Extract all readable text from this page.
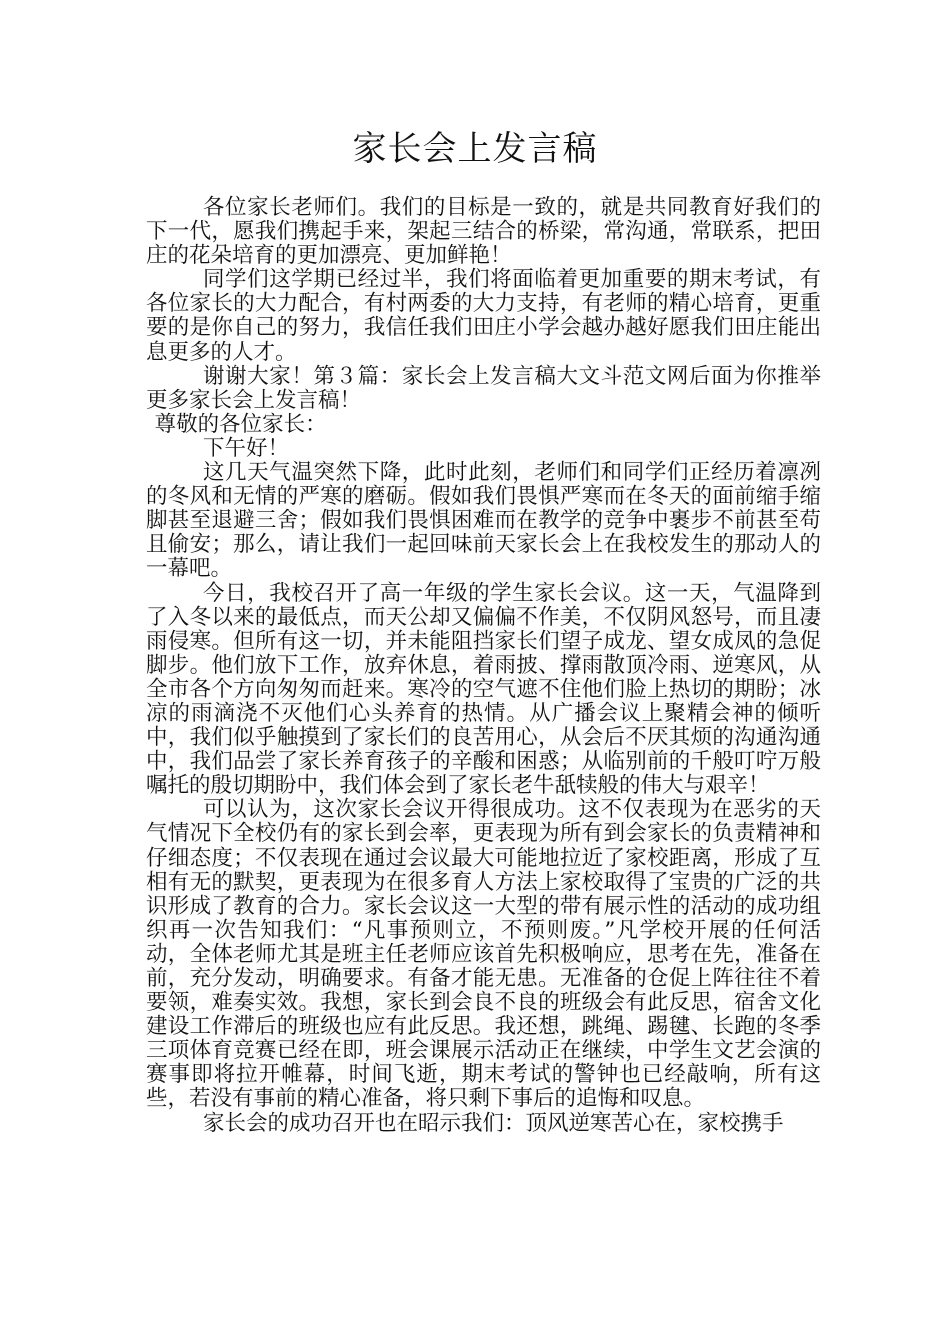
家长会上发言稿

各位家长老师们。我们的目标是一致的，就是共同教育好我们的下一代，愿我们携起手来，架起三结合的桥梁，常沟通，常联系，把田庄的花朵培育的更加漂亮、更加鲜艳！

同学们这学期已经过半，我们将面临着更加重要的期末考试，有各位家长的大力配合，有村两委的大力支持，有老师的精心培育，更重要的是你自己的努力，我信任我们田庄小学会越办越好愿我们田庄能出息更多的人才。

谢谢大家！第３篇：家长会上发言稿大文斗范文网后面为你推举更多家长会上发言稿！

尊敬的各位家长：

下午好！

这几天气温突然下降，此时此刻，老师们和同学们正经历着凛冽的冬风和无情的严寒的磨砺。假如我们畏惧严寒而在冬天的面前缩手缩脚甚至退避三舍；假如我们畏惧困难而在教学的竞争中裹步不前甚至苟且偷安；那么，请让我们一起回味前天家长会上在我校发生的那动人的一幕吧。

今日，我校召开了高一年级的学生家长会议。这一天，气温降到了入冬以来的最低点，而天公却又偏偏不作美，不仅阴风怒号，而且凄雨侵寒。但所有这一切，并未能阻挡家长们望子成龙、望女成凤的急促脚步。他们放下工作，放弃休息，着雨披、撑雨散顶冷雨、逆寒风，从全市各个方向匆匆而赶来。寒冷的空气遮不住他们脸上热切的期盼；冰凉的雨滴浇不灭他们心头养育的热情。从广播会议上聚精会神的倾听中，我们似乎触摸到了家长们的良苦用心，从会后不厌其烦的沟通沟通中，我们品尝了家长养育孩子的辛酸和困惑；从临别前的千般叮咛万般嘱托的殷切期盼中，我们体会到了家长老牛舐犊般的伟大与艰辛！

可以认为，这次家长会议开得很成功。这不仅表现为在恶劣的天气情况下全校仍有的家长到会率，更表现为所有到会家长的负责精神和仔细态度；不仅表现在通过会议最大可能地拉近了家校距离，形成了互相有无的默契，更表现为在很多育人方法上家校取得了宝贵的广泛的共识形成了教育的合力。家长会议这一大型的带有展示性的活动的成功组织再一次告知我们：“凡事预则立，不预则废。”凡学校开展的任何活动，全体老师尤其是班主任老师应该首先积极响应，思考在先，准备在前，充分发动，明确要求。有备才能无患。无准备的仓促上阵往往不着要领，难奏实效。我想，家长到会良不良的班级会有此反思，宿舍文化建设工作滞后的班级也应有此反思。我还想，跳绳、踢毽、长跑的冬季三项体育竞赛已经在即，班会课展示活动正在继续，中学生文艺会演的赛事即将拉开帷幕，时间飞逝，期末考试的警钟也已经敲响，所有这些，若没有事前的精心准备，将只剩下事后的追悔和叹息。

家长会的成功召开也在昭示我们：顶风逆寒苦心在，家校携手
